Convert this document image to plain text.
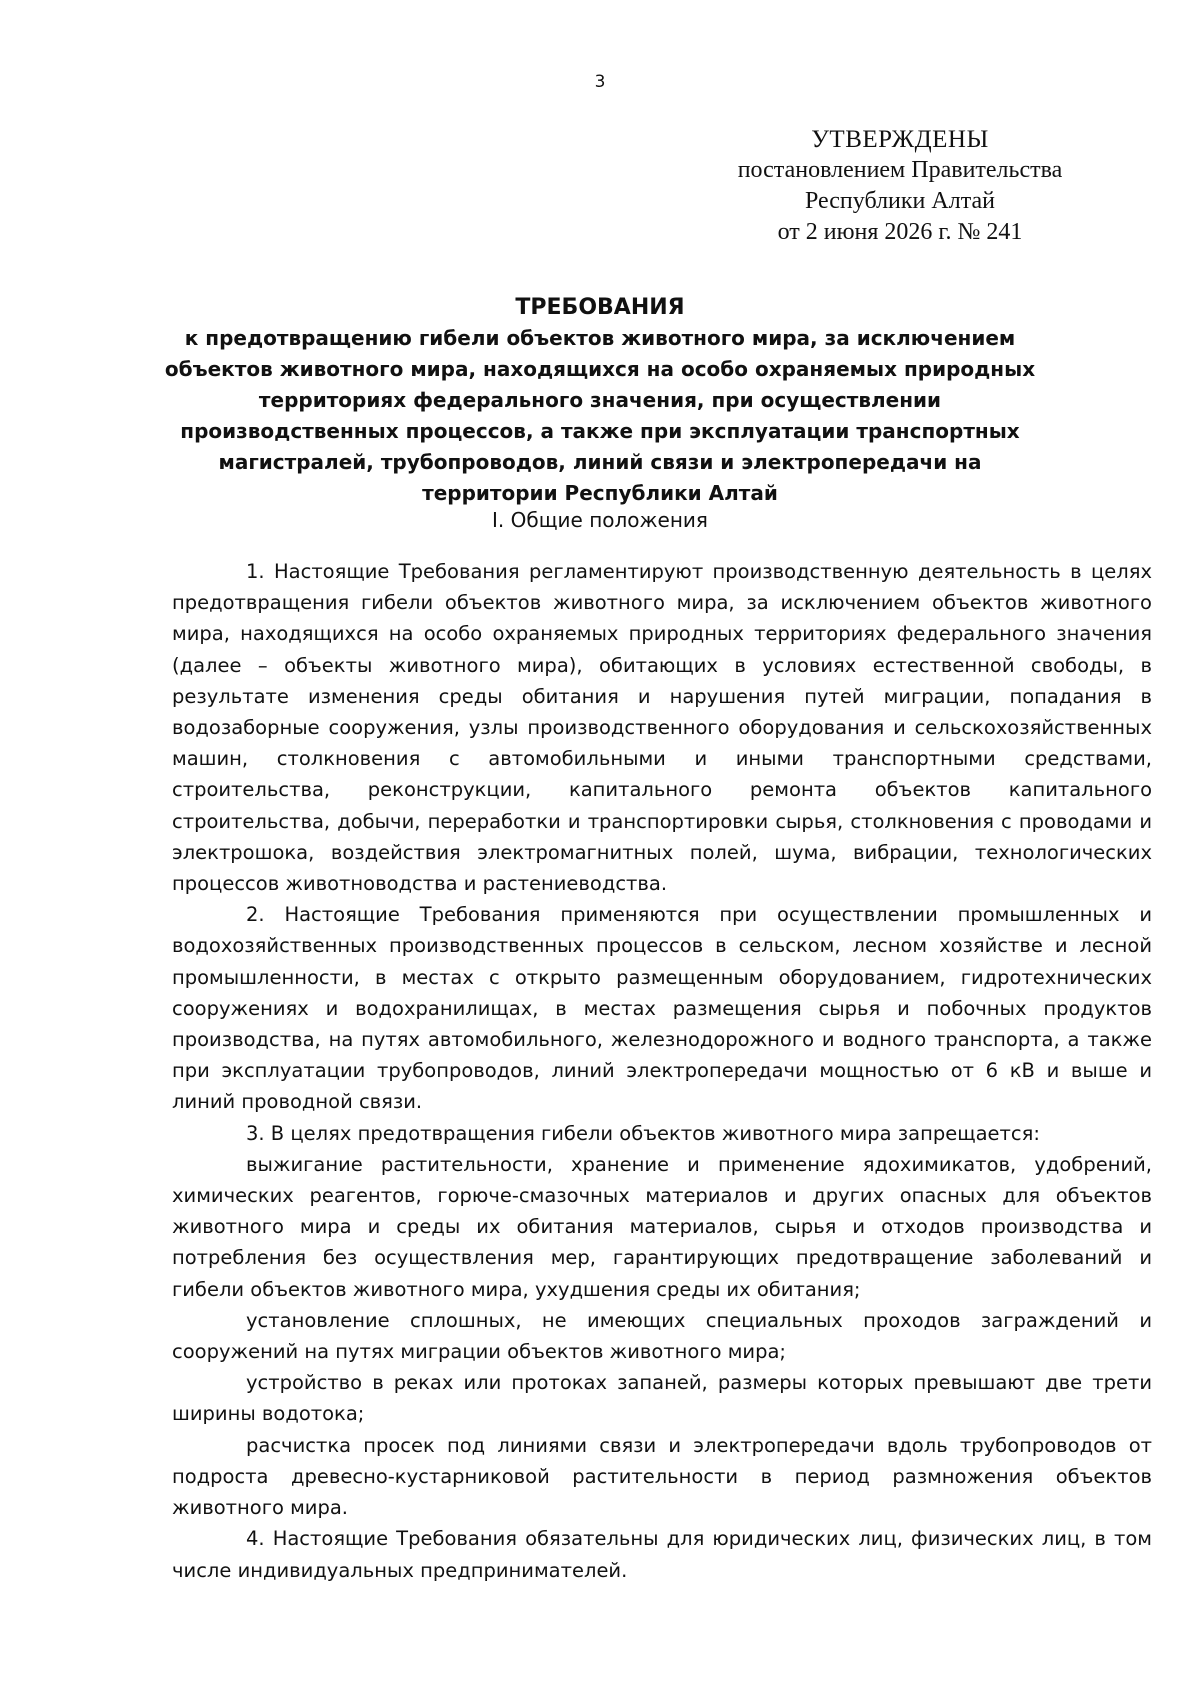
3
УТВЕРЖДЕНЫ
постановлением Правительства
Республики Алтай
от 2 июня 2026 г. № 241
ТРЕБОВАНИЯ
к предотвращению гибели объектов животного мира, за исключением объектов животного мира, находящихся на особо охраняемых природных территориях федерального значения, при осуществлении производственных процессов, а также при эксплуатации транспортных магистралей, трубопроводов, линий связи и электропередачи на территории Республики Алтай
I. Общие положения

1. Настоящие Требования регламентируют производственную деятельность в целях предотвращения гибели объектов животного мира, за исключением объектов животного мира, находящихся на особо охраняемых природных территориях федерального значения (далее – объекты животного мира), обитающих в условиях естественной свободы, в результате изменения среды обитания и нарушения путей миграции, попадания в водозаборные сооружения, узлы производственного оборудования и сельскохозяйственных машин, столкновения с автомобильными и иными транспортными средствами, строительства, реконструкции, капитального ремонта объектов капитального строительства, добычи, переработки и транспортировки сырья, столкновения с проводами и электрошока, воздействия электромагнитных полей, шума, вибрации, технологических процессов животноводства и растениеводства.

2. Настоящие Требования применяются при осуществлении промышленных и водохозяйственных производственных процессов в сельском, лесном хозяйстве и лесной промышленности, в местах с открыто размещенным оборудованием, гидротехнических сооружениях и водохранилищах, в местах размещения сырья и побочных продуктов производства, на путях автомобильного, железнодорожного и водного транспорта, а также при эксплуатации трубопроводов, линий электропередачи мощностью от 6 кВ и выше и линий проводной связи.

3. В целях предотвращения гибели объектов животного мира запрещается:

выжигание растительности, хранение и применение ядохимикатов, удобрений, химических реагентов, горюче-смазочных материалов и других опасных для объектов животного мира и среды их обитания материалов, сырья и отходов производства и потребления без осуществления мер, гарантирующих предотвращение заболеваний и гибели объектов животного мира, ухудшения среды их обитания;

установление сплошных, не имеющих специальных проходов заграждений и сооружений на путях миграции объектов животного мира;

устройство в реках или протоках запаней, размеры которых превышают две трети ширины водотока;

расчистка просек под линиями связи и электропередачи вдоль трубопроводов от подроста древесно-кустарниковой растительности в период размножения объектов животного мира.

4. Настоящие Требования обязательны для юридических лиц, физических лиц, в том числе индивидуальных предпринимателей.
